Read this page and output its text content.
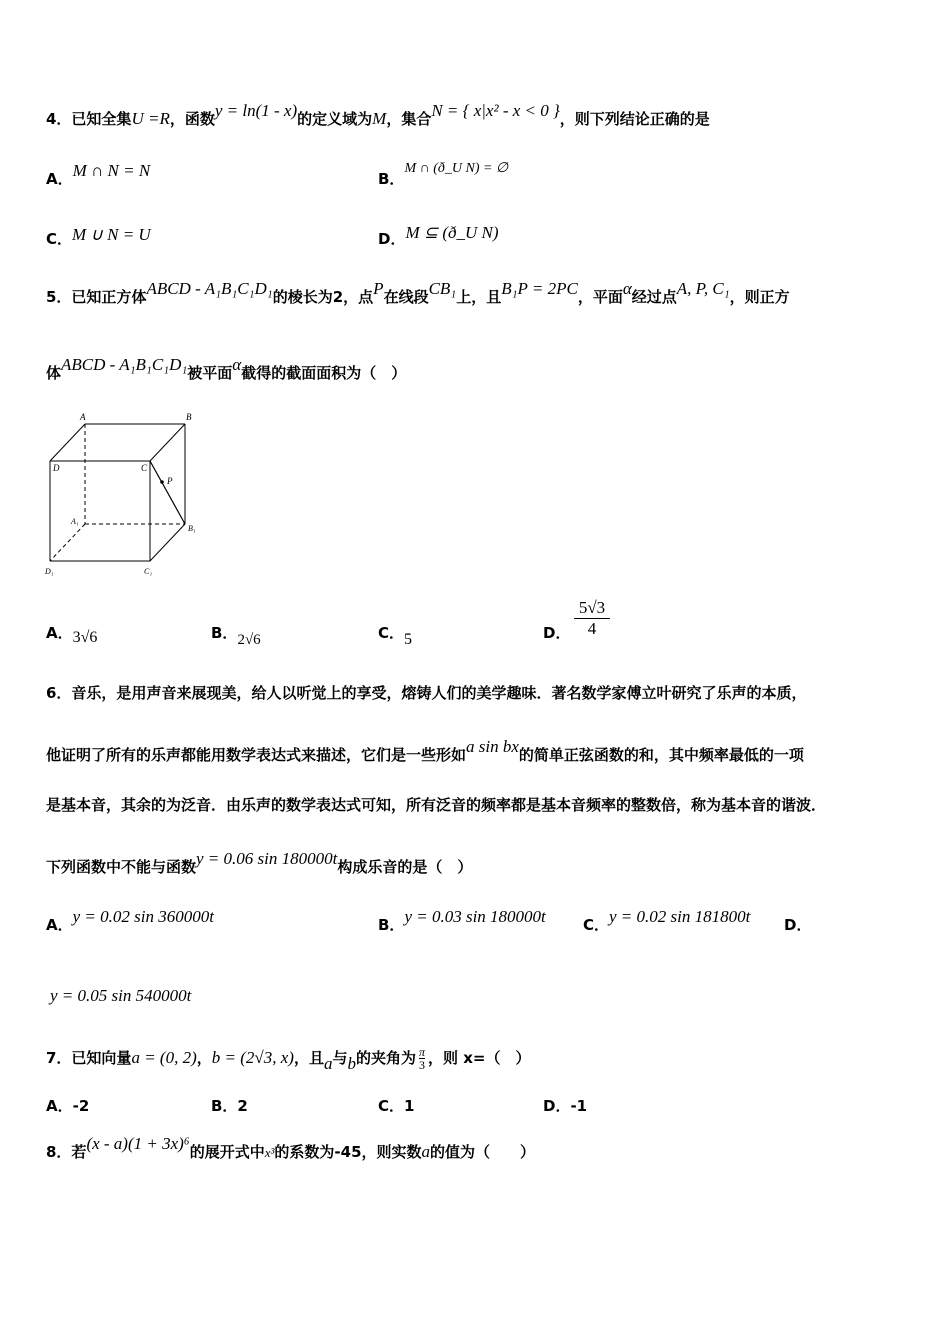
4．已知全集U =R，函数y = ln(1 - x)的定义域为M，集合N = { x|x² - x < 0 }，则下列结论正确的是
A．M ∩ N = N	B．M ∩ (ð_U N) = ∅
C．M ∪ N = U	D．M ⊆ (ð_U N)
5．已知正方体ABCD - A₁B₁C₁D₁的棱长为2，点P在线段CB₁上，且B₁P = 2PC，平面α经过点A, P, C₁，则正方
体ABCD - A₁B₁C₁D₁被平面α截得的截面面积为（　）
A	B
D	C
P
A₁
B₁
D₁	C₁
A．3√6	B．2√6	C．5	D． $\frac{5√3}{4}$
6．音乐，是用声音来展现美，给人以听觉上的享受，熔铸人们的美学趣味．著名数学家傅立叶研究了乐声的本质，
他证明了所有的乐声都能用数学表达式来描述，它们是一些形如a sin bx的简单正弦函数的和，其中频率最低的一项
是基本音，其余的为泛音．由乐声的数学表达式可知，所有泛音的频率都是基本音频率的整数倍，称为基本音的谐波．
下列函数中不能与函数y = 0.06 sin 180000t构成乐音的是（　）
A．y = 0.02 sin 360000t	B．y = 0.03 sin 180000t C．y = 0.02 sin 181800t D．
y = 0.05 sin 540000t
7．已知向量a = (0, 2)，b = (2√3, x)，且a与b的夹角为 $\frac{\pi}{3}$ ，则 x=（　）
A．-2	B．2	C．1	D．-1
8．若(x - a)(1 + 3x)⁶的展开式中x³的系数为-45，则实数a的值为（　　）
